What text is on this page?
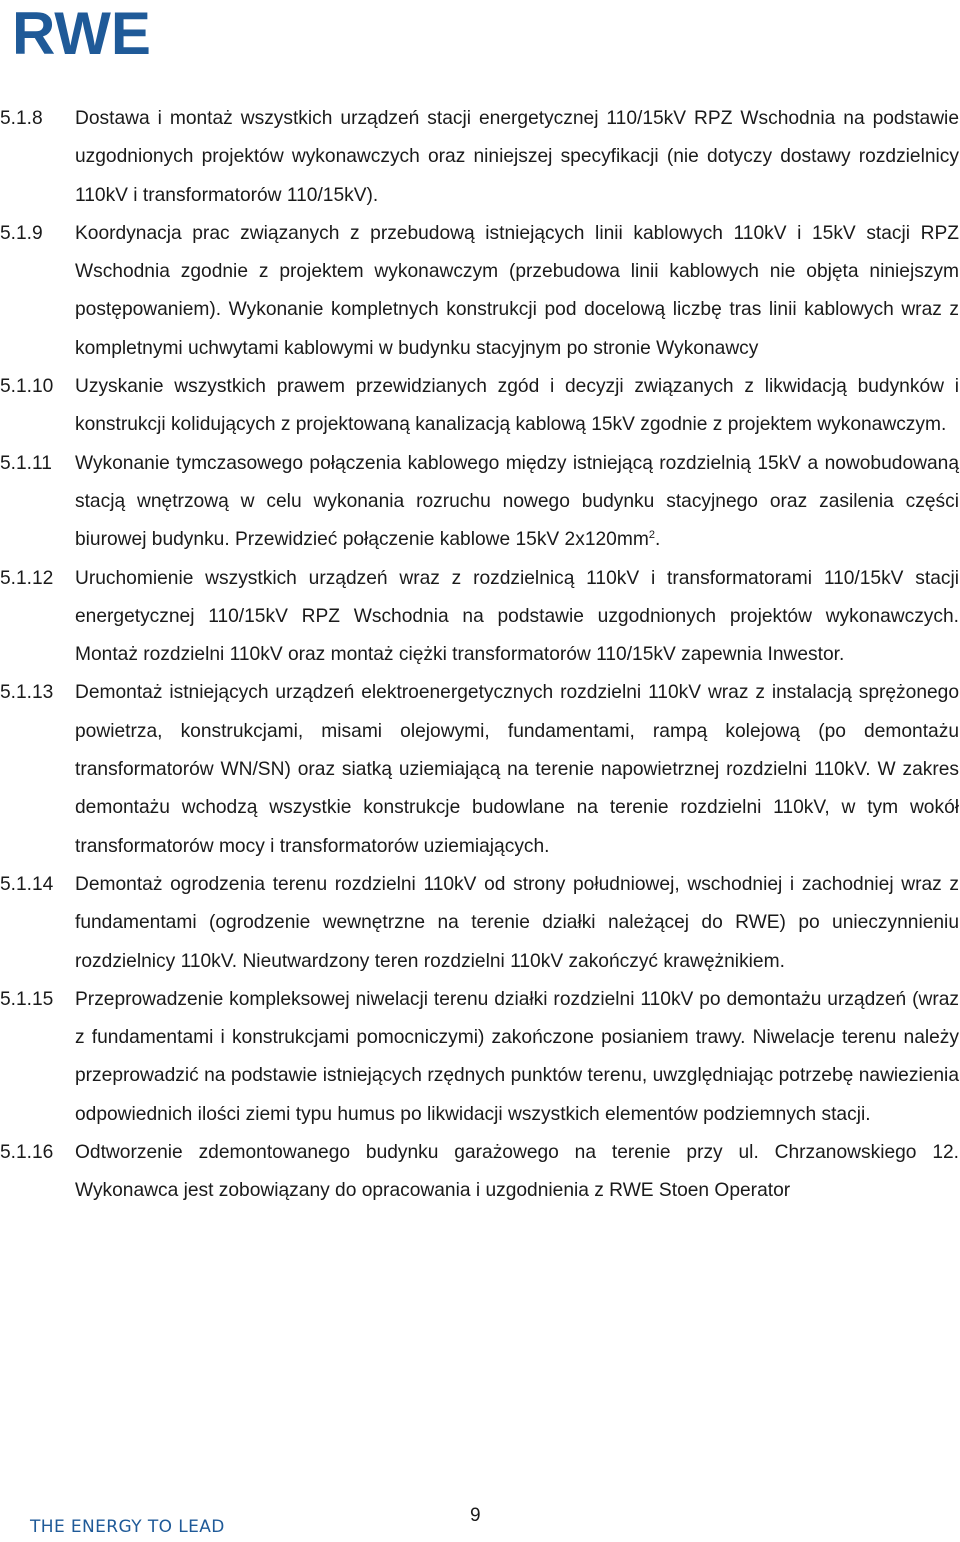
RWE
5.1.8	Dostawa i montaż wszystkich urządzeń stacji energetycznej 110/15kV RPZ Wschodnia na podstawie uzgodnionych projektów wykonawczych oraz niniejszej specyfikacji (nie dotyczy dostawy rozdzielnicy 110kV i transformatorów 110/15kV).
5.1.9	Koordynacja prac związanych z przebudową istniejących linii kablowych 110kV i 15kV stacji RPZ Wschodnia zgodnie z projektem wykonawczym (przebudowa linii kablowych nie objęta niniejszym postępowaniem). Wykonanie kompletnych konstrukcji pod docelową liczbę tras linii kablowych wraz z kompletnymi uchwytami kablowymi w budynku stacyjnym po stronie Wykonawcy
5.1.10	Uzyskanie wszystkich prawem przewidzianych zgód i decyzji związanych z likwidacją budynków i konstrukcji kolidujących z projektowaną kanalizacją kablową 15kV zgodnie z projektem wykonawczym.
5.1.11	Wykonanie tymczasowego połączenia kablowego między istniejącą rozdzielnią 15kV a nowobudowaną stacją wnętrzową w celu wykonania rozruchu nowego budynku stacyjnego oraz zasilenia części biurowej budynku. Przewidzieć połączenie kablowe 15kV $2x120mm^2$.
5.1.12	Uruchomienie wszystkich urządzeń wraz z rozdzielnicą 110kV i transformatorami 110/15kV stacji energetycznej 110/15kV RPZ Wschodnia na podstawie uzgodnionych projektów wykonawczych. Montaż rozdzielni 110kV oraz montaż ciężki transformatorów 110/15kV zapewnia Inwestor.
5.1.13	Demontaż istniejących urządzeń elektroenergetycznych rozdzielni 110kV wraz z instalacją sprężonego powietrza, konstrukcjami, misami olejowymi, fundamentami, rampą kolejową (po demontażu transformatorów WN/SN) oraz siatką uziemiającą na terenie napowietrznej rozdzielni 110kV. W zakres demontażu wchodzą wszystkie konstrukcje budowlane na terenie rozdzielni 110kV, w tym wokół transformatorów mocy i transformatorów uziemiających.
5.1.14	Demontaż ogrodzenia terenu rozdzielni 110kV od strony południowej, wschodniej i zachodniej wraz z fundamentami (ogrodzenie wewnętrzne na terenie działki należącej do RWE) po unieczynnieniu rozdzielnicy 110kV. Nieutwardzony teren rozdzielni 110kV zakończyć krawężnikiem.
5.1.15	Przeprowadzenie kompleksowej niwelacji terenu działki rozdzielni 110kV po demontażu urządzeń (wraz z fundamentami i konstrukcjami pomocniczymi) zakończone posianiem trawy. Niwelacje terenu należy przeprowadzić na podstawie istniejących rzędnych punktów terenu, uwzględniając potrzebę nawiezienia odpowiednich ilości ziemi typu humus po likwidacji wszystkich elementów podziemnych stacji.
5.1.16	Odtworzenie zdemontowanego budynku garażowego na terenie przy ul. Chrzanowskiego 12. Wykonawca jest zobowiązany do opracowania i uzgodnienia z RWE Stoen Operator
THE ENERGY TO LEAD
9
